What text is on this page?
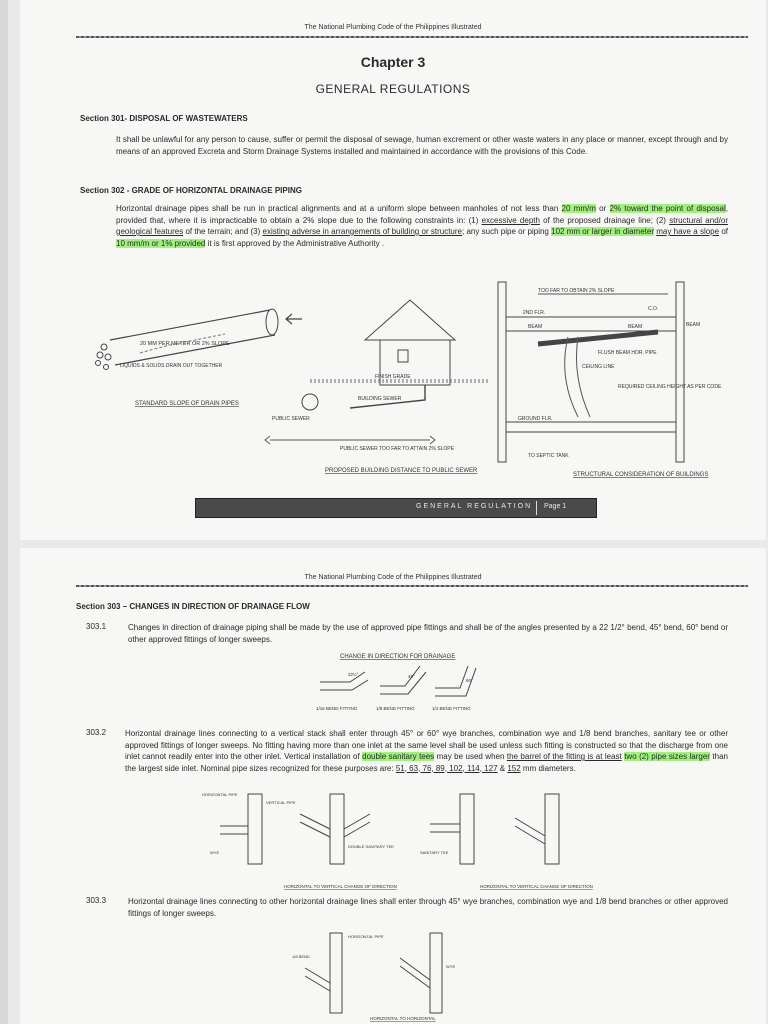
The National Plumbing Code of the Philippines Illustrated
Chapter 3
GENERAL REGULATIONS
Section 301- DISPOSAL OF WASTEWATERS
It shall be unlawful for any person to cause, suffer or permit the disposal of sewage, human excrement or other waste waters in any place or manner, except through and by means of an approved Excreta and Storm Drainage Systems installed and maintained in accordance with the provisions of this Code.
Section 302 - GRADE OF HORIZONTAL DRAINAGE PIPING
Horizontal drainage pipes shall be run in practical alignments and at a uniform slope between manholes of not less than 20 mm/m or 2% toward the point of disposal, provided that, where it is impracticable to obtain a 2% slope due to the following constraints in: (1) excessive depth of the proposed drainage line; (2) structural and/or geological features of the terrain; and (3) existing adverse in arrangements of building or structure; any such pipe or piping 102 mm or larger in diameter may have a slope of 10 mm/m or 1% provided it is first approved by the Administrative Authority .
20 MM PER METER OR 2% SLOPE
LIQUIDS & SOLIDS DRAIN OUT TOGETHER
STANDARD SLOPE OF DRAIN PIPES
FINISH GRADE
BUILDING SEWER
PUBLIC SEWER
PUBLIC SEWER TOO FAR TO ATTAIN 2% SLOPE
PROPOSED BUILDING DISTANCE TO PUBLIC SEWER
TOO FAR TO OBTAIN 2% SLOPE
2ND FLR.
C.O.
BEAM	BEAM	BEAM
FLUSH BEAM HOR. PIPE
CEILING LINE
REQUIRED CEILING HEIGHT AS PER CODE
GROUND FLR.
TO SEPTIC TANK
STRUCTURAL CONSIDERATION OF BUILDINGS
GENERAL REGULATION Page 1
The National Plumbing Code of the Philippines Illustrated
Section 303 – CHANGES IN DIRECTION OF DRAINAGE FLOW
303.1	Changes in direction of drainage piping shall be made by the use of approved pipe fittings and shall be of the angles presented by a 22 1/2° bend, 45° bend, 60° bend or other approved fittings of longer sweeps.
CHANGE IN DIRECTION FOR DRAINAGE
22½°	45°
60°
1/16 BEND FITTING	1/8 BEND FITTING	1/4 BEND FITTING
303.2 Horizontal drainage lines connecting to a vertical stack shall enter through 45° or 60° wye branches, combination wye and 1/8 bend branches, sanitary tee or other approved fittings of longer sweeps. No fitting having more than one inlet at the same level shall be used unless such fitting is constructed so that the discharge from one inlet cannot readily enter into the other inlet. Vertical installation of double sanitary tees may be used when the barrel of the fitting is at least two (2) pipe sizes larger than the largest side inlet. Nominal pipe sizes recognized for these purposes are: 51, 63, 76, 89, 102, 114, 127 & 152 mm diameters.
HORIZONTAL PIPE
VERTICAL PIPE
WYE
DOUBLE SANITARY TEE
SANITARY TEE
HORIZONTAL TO VERTICAL CHANGE OF DIRECTION	HORIZONTAL TO VERTICAL CHANGE OF DIRECTION
303.3	Horizontal drainage lines connecting to other horizontal drainage lines shall enter through 45° wye branches, combination wye and 1/8 bend branches or other approved fittings of longer sweeps.
HORIZONTAL PIPE
1/8 BEND
WYE
HORIZONTAL TO HORIZONTAL
